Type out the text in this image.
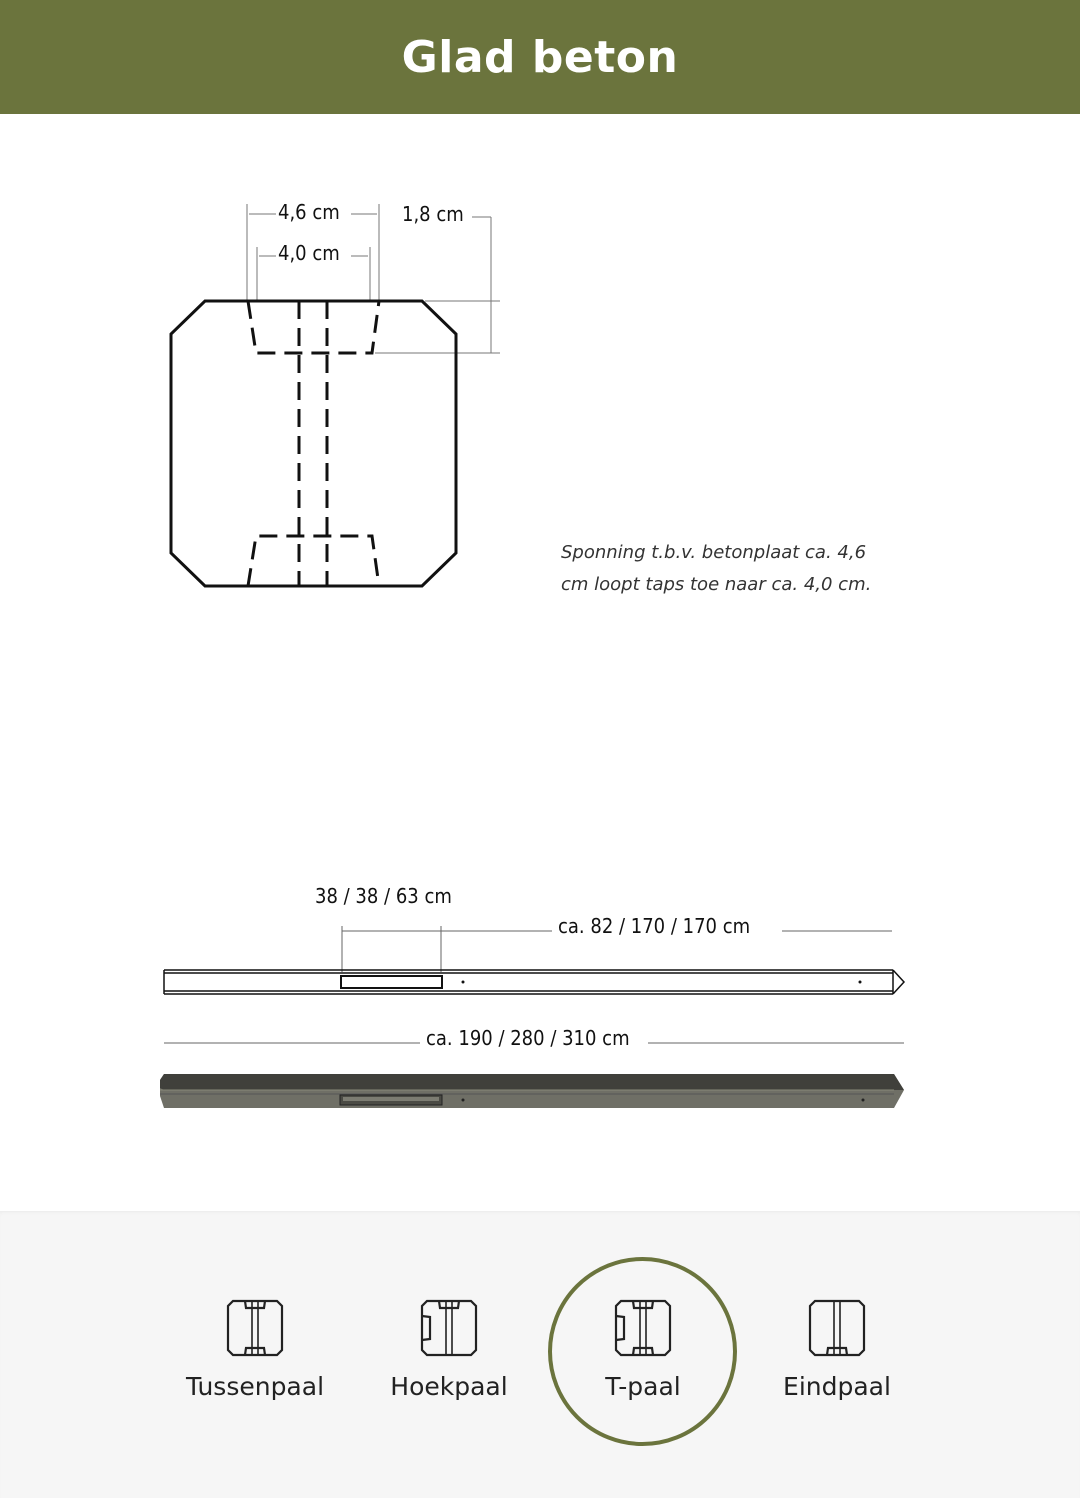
Glad beton
4,6 cm
4,0 cm
1,8 cm
Sponning t.b.v. betonplaat ca. 4,6
cm loopt taps toe naar ca. 4,0 cm.
38 / 38 / 63 cm
ca. 82 / 170 / 170 cm
ca. 190 / 280 / 310 cm
Tussenpaal	Hoekpaal	T-paal	Eindpaal
